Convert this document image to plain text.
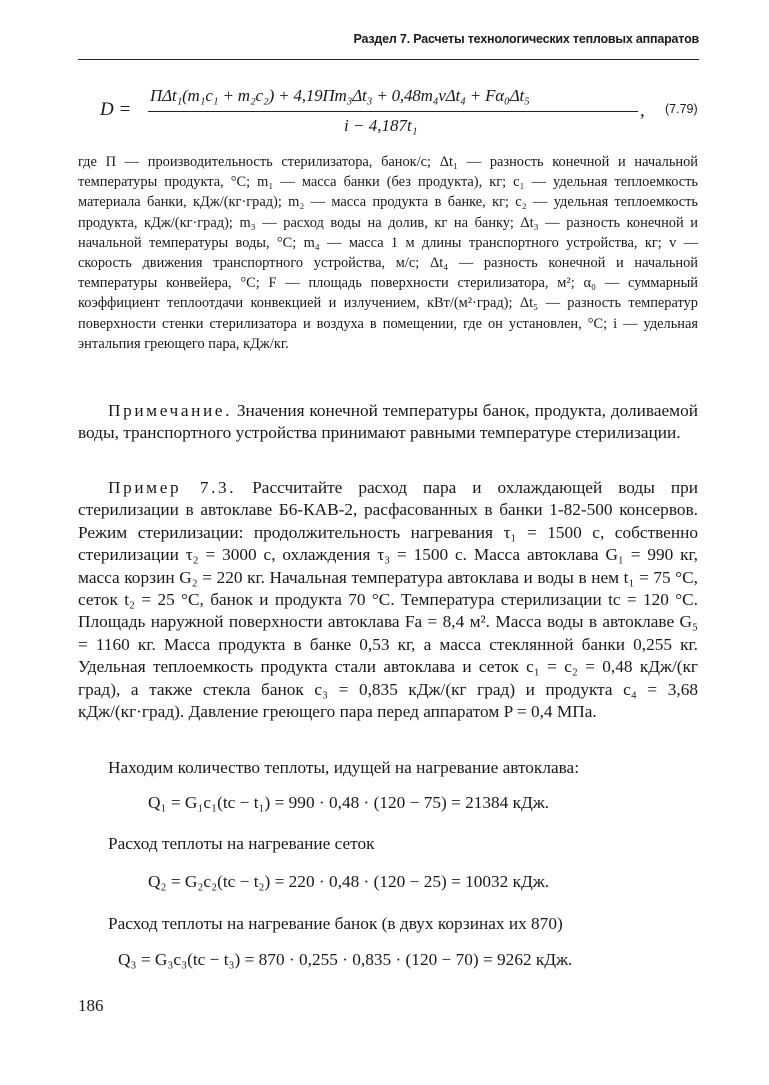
Раздел 7. Расчеты технологических тепловых аппаратов
D =
ПΔt₁(m₁c₁ + m₂c₂) + 4,19Пm₃Δt₃ + 0,48m₄vΔt₄ + Fα₀Δt₅
i − 4,187t₁
, (7.79)

где П — производительность стерилизатора, банок/с; Δt₁ — разность конечной и начальной температуры продукта, °С; m₁ — масса банки (без продукта), кг; c₁ — удельная теплоемкость материала банки, кДж/(кг·град); m₂ — масса продукта в банке, кг; c₂ — удельная теплоемкость продукта, кДж/(кг·град); m₃ — расход воды на долив, кг на банку; Δt₃ — разность конечной и начальной температуры воды, °С; m₄ — масса 1 м длины транспортного устройства, кг; v — скорость движения транспортного устройства, м/с; Δt₄ — разность конечной и начальной температуры конвейера, °С; F — площадь поверхности стерилизатора, м²; α₀ — суммарный коэффициент теплоотдачи конвекцией и излучением, кВт/(м²·град); Δt₅ — разность температур поверхности стенки стерилизатора и воздуха в помещении, где он установлен, °С; i — удельная энтальпия греющего пара, кДж/кг.

Примечание. Значения конечной температуры банок, продукта, доливаемой воды, транспортного устройства принимают равными температуре стерилизации.

Пример 7.3. Рассчитайте расход пара и охлаждающей воды при стерилизации в автоклаве Б6-КАВ-2, расфасованных в банки 1-82-500 консервов. Режим стерилизации: продолжительность нагревания τ₁ = 1500 с, собственно стерилизации τ₂ = 3000 с, охлаждения τ₃ = 1500 с. Масса автоклава G₁ = 990 кг, масса корзин G₂ = 220 кг. Начальная температура автоклава и воды в нем t₁ = 75 °С, сеток t₂ = 25 °С, банок и продукта 70 °С. Температура стерилизации tс = 120 °С. Площадь наружной поверхности автоклава Fа = 8,4 м². Масса воды в автоклаве G₅ = 1160 кг. Масса продукта в банке 0,53 кг, а масса стеклянной банки 0,255 кг. Удельная теплоемкость продукта стали автоклава и сеток c₁ = c₂ = 0,48 кДж/(кг град), а также стекла банок c₃ = 0,835 кДж/(кг град) и продукта c₄ = 3,68 кДж/(кг·град). Давление греющего пара перед аппаратом P = 0,4 МПа.

Находим количество теплоты, идущей на нагревание автоклава:

Q₁ = G₁c₁(tс − t₁) = 990 · 0,48 · (120 − 75) = 21384 кДж.

Расход теплоты на нагревание сеток

Q₂ = G₂c₂(tс − t₂) = 220 · 0,48 · (120 − 25) = 10032 кДж.

Расход теплоты на нагревание банок (в двух корзинах их 870)

Q₃ = G₃c₃(tс − t₃) = 870 · 0,255 · 0,835 · (120 − 70) = 9262 кДж.
186
